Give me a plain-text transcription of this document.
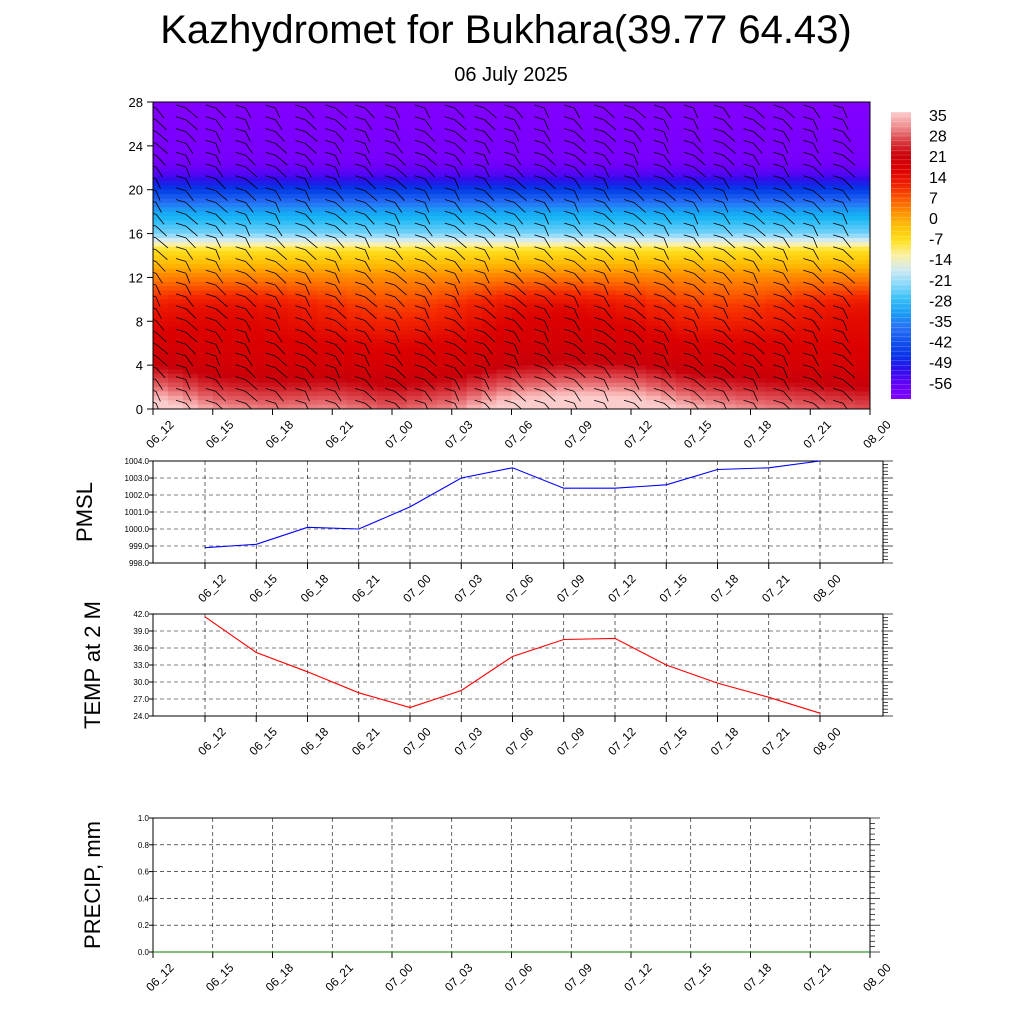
Kazhydromet for Bukhara(39.77 64.43)
06 July 2025
0
4
8
12
16
20
24
28
06_12 06_15 06_18 06_21 07_00 07_03 07_06 07_09 07_12 07_15 07_18 07_21 08_00
35
28
21
14
7
0
-7
-14
-21
-28
-35
-42
-49
-56
998.0
999.0
1000.0
1001.0
1002.0
1003.0
1004.0
06_12 06_15 06_18 06_21 07_00 07_03 07_06 07_09 07_12 07_15 07_18 07_21 08_00
PMSL
24.0
27.0
30.0
33.0
36.0
39.0
42.0
06_12 06_15 06_18 06_21 07_00 07_03 07_06 07_09 07_12 07_15 07_18 07_21 08_00
TEMP at 2 M
0.0
0.2
0.4
0.6
0.8
1.0
06_12 06_15 06_18 06_21 07_00 07_03 07_06 07_09 07_12 07_15 07_18 07_21 08_00
PRECIP, mm
